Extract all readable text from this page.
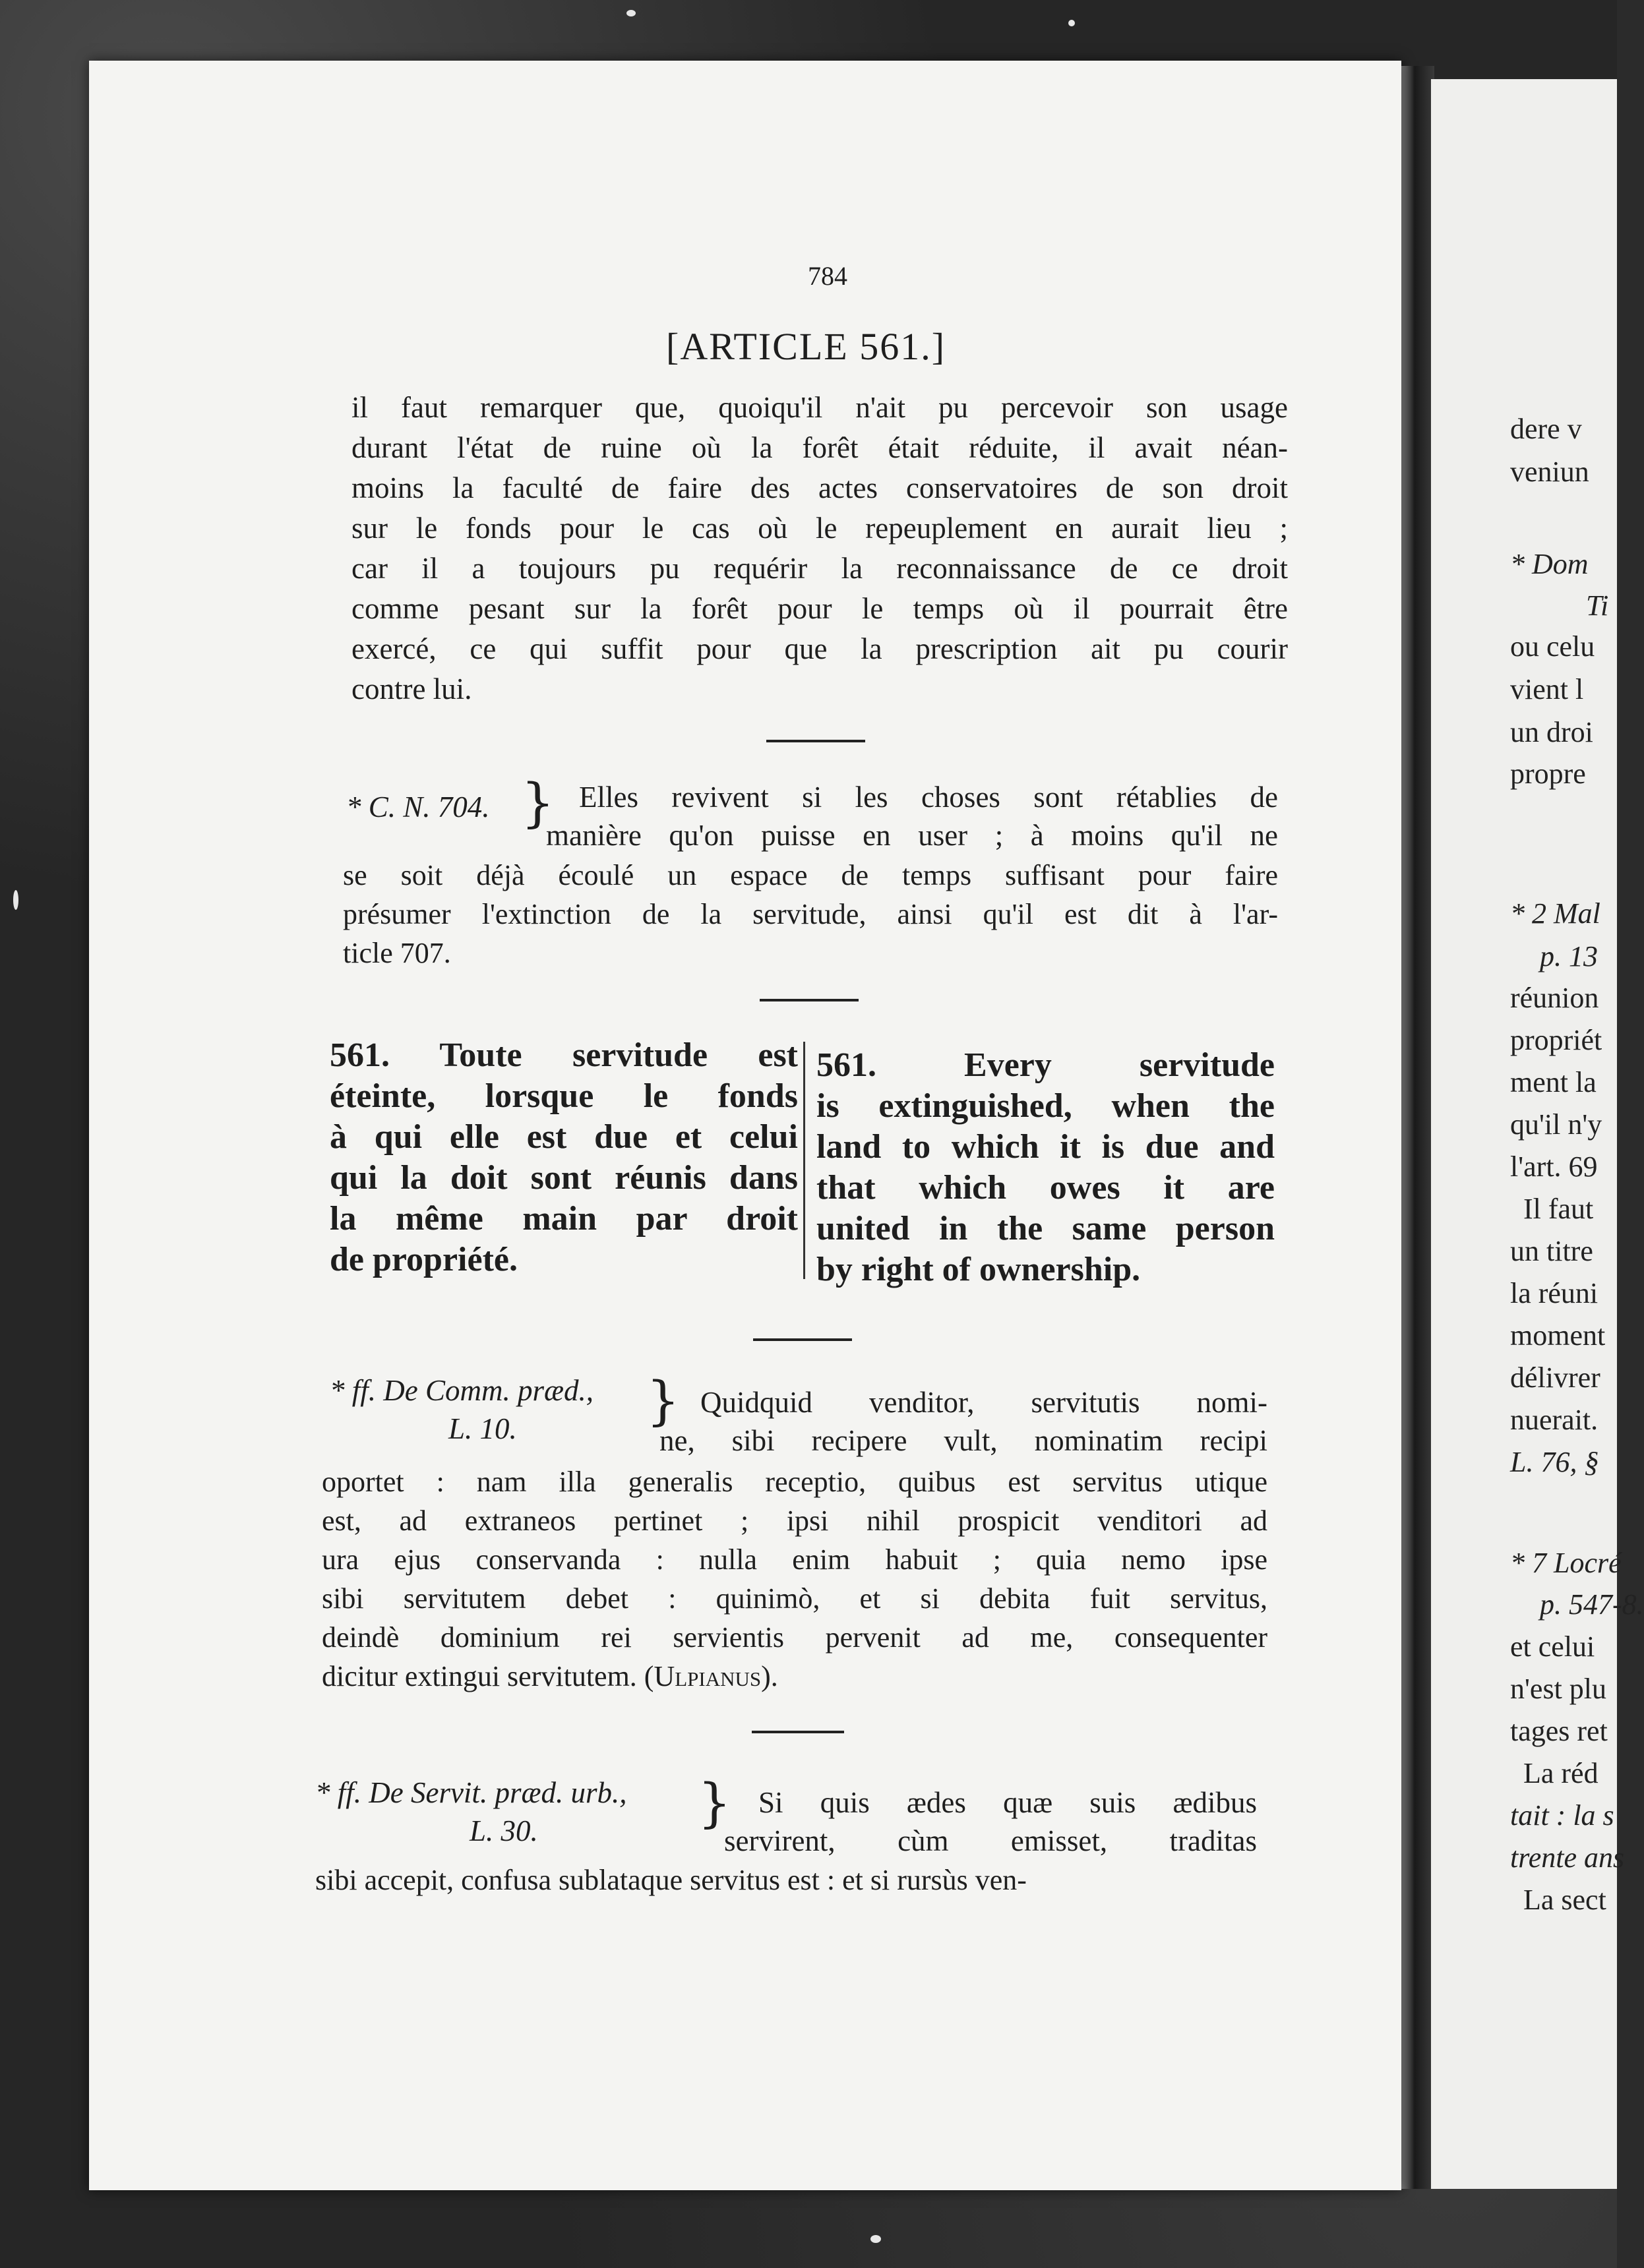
784
[ARTICLE 561.]
il faut remarquer que, quoiqu'il n'ait pu percevoir son usage
durant l'état de ruine où la forêt était réduite, il avait néan-
moins la faculté de faire des actes conservatoires de son droit
sur le fonds pour le cas où le repeuplement en aurait lieu ;
car il a toujours pu requérir la reconnaissance de ce droit
comme pesant sur la forêt pour le temps où il pourrait être
exercé, ce qui suffit pour que la prescription ait pu courir
contre lui.
* C. N. 704. } Elles revivent si les choses sont rétablies de
manière qu'on puisse en user ; à moins qu'il ne
se soit déjà écoulé un espace de temps suffisant pour faire
présumer l'extinction de la servitude, ainsi qu'il est dit à l'ar-
ticle 707.
561. Toute servitude est
éteinte, lorsque le fonds
à qui elle est due et celui
qui la doit sont réunis dans
la même main par droit
de propriété.
561. Every servitude
is extinguished, when the
land to which it is due and
that which owes it are
united in the same person
by right of ownership.
* ff. De Comm. præd.,
L. 10. } Quidquid venditor, servitutis nomi-
ne, sibi recipere vult, nominatim recipi
oportet : nam illa generalis receptio, quibus est servitus utique
est, ad extraneos pertinet ; ipsi nihil prospicit venditori ad
ura ejus conservanda : nulla enim habuit ; quia nemo ipse
sibi servitutem debet : quinimò, et si debita fuit servitus,
deindè dominium rei servientis pervenit ad me, consequenter
dicitur extingui servitutem. (Ulpianus).
* ff. De Servit. præd. urb.,
L. 30.	} Si quis ædes quæ suis ædibus
servirent, cùm emisset, traditas
sibi accepit, confusa sublataque servitus est : et si rursùs ven-
dere v
veniun
* Dom
Ti
ou celu
vient l
un droi
propre
* 2 Mal
p. 13
réunion
propriét
ment la
qu'il n'y
l'art. 69
Il faut
un titre
la réuni
moment
délivrer
nuerait.
L. 76, §
* 7 Locré
p. 547-8.
et celui
n'est plu
tages ret
La réd
tait : la s
trente ans
La sect
